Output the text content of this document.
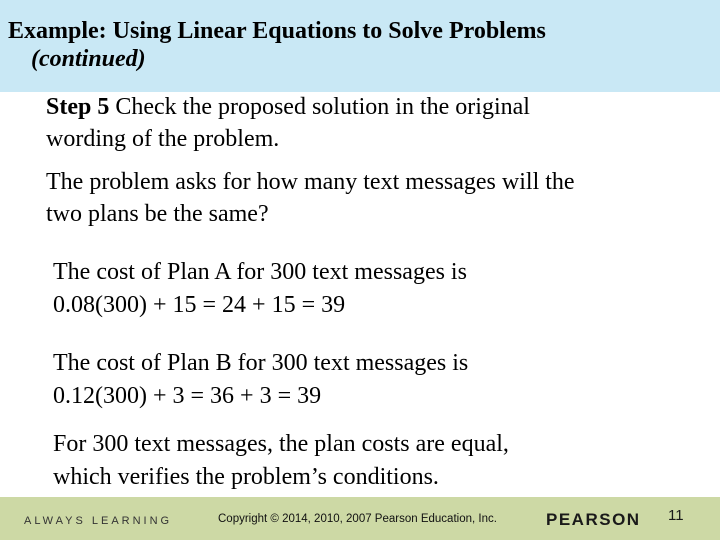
Example: Using Linear Equations to Solve Problems
(continued)
Step 5 Check the proposed solution in the original
wording of the problem.
The problem asks for how many text messages will the
two plans be the same?
The cost of Plan A for 300 text messages is
0.08(300) + 15 = 24 + 15 = 39
The cost of Plan B for 300 text messages is
0.12(300) + 3 = 36 + 3 = 39
For 300 text messages, the plan costs are equal,
which verifies the problem’s conditions.
ALWAYS LEARNING	Copyright © 2014, 2010, 2007 Pearson Education, Inc.	PEARSON 11
